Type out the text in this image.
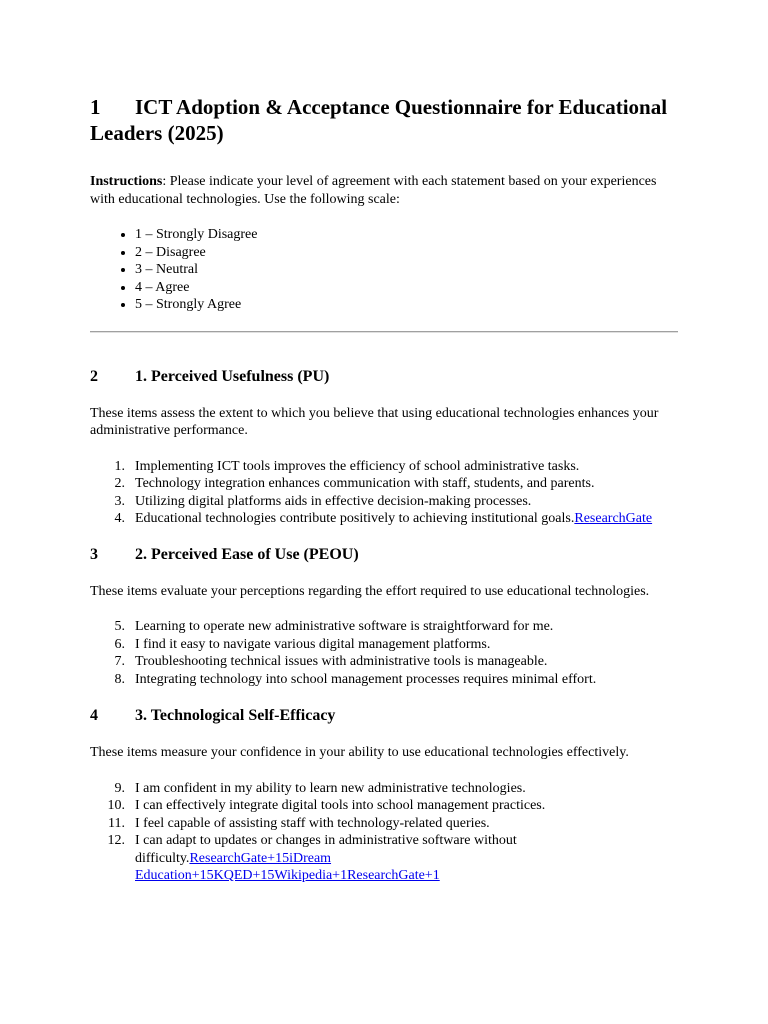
1 ICT Adoption & Acceptance Questionnaire for Educational Leaders (2025)

Instructions: Please indicate your level of agreement with each statement based on your experiences with educational technologies. Use the following scale:

• 1 – Strongly Disagree
• 2 – Disagree
• 3 – Neutral
• 4 – Agree
• 5 – Strongly Agree
2 1. Perceived Usefulness (PU)

These items assess the extent to which you believe that using educational technologies enhances your administrative performance.

1. Implementing ICT tools improves the efficiency of school administrative tasks.
2. Technology integration enhances communication with staff, students, and parents.
3. Utilizing digital platforms aids in effective decision-making processes.
4. Educational technologies contribute positively to achieving institutional goals.ResearchGate
3 2. Perceived Ease of Use (PEOU)

These items evaluate your perceptions regarding the effort required to use educational technologies.

5. Learning to operate new administrative software is straightforward for me.
6. I find it easy to navigate various digital management platforms.
7. Troubleshooting technical issues with administrative tools is manageable.
8. Integrating technology into school management processes requires minimal effort.
4 3. Technological Self-Efficacy

These items measure your confidence in your ability to use educational technologies effectively.

9. I am confident in my ability to learn new administrative technologies.
10. I can effectively integrate digital tools into school management practices.
11. I feel capable of assisting staff with technology-related queries.
12. I can adapt to updates or changes in administrative software without difficulty.ResearchGate+15iDream Education+15KQED+15Wikipedia+1ResearchGate+1
